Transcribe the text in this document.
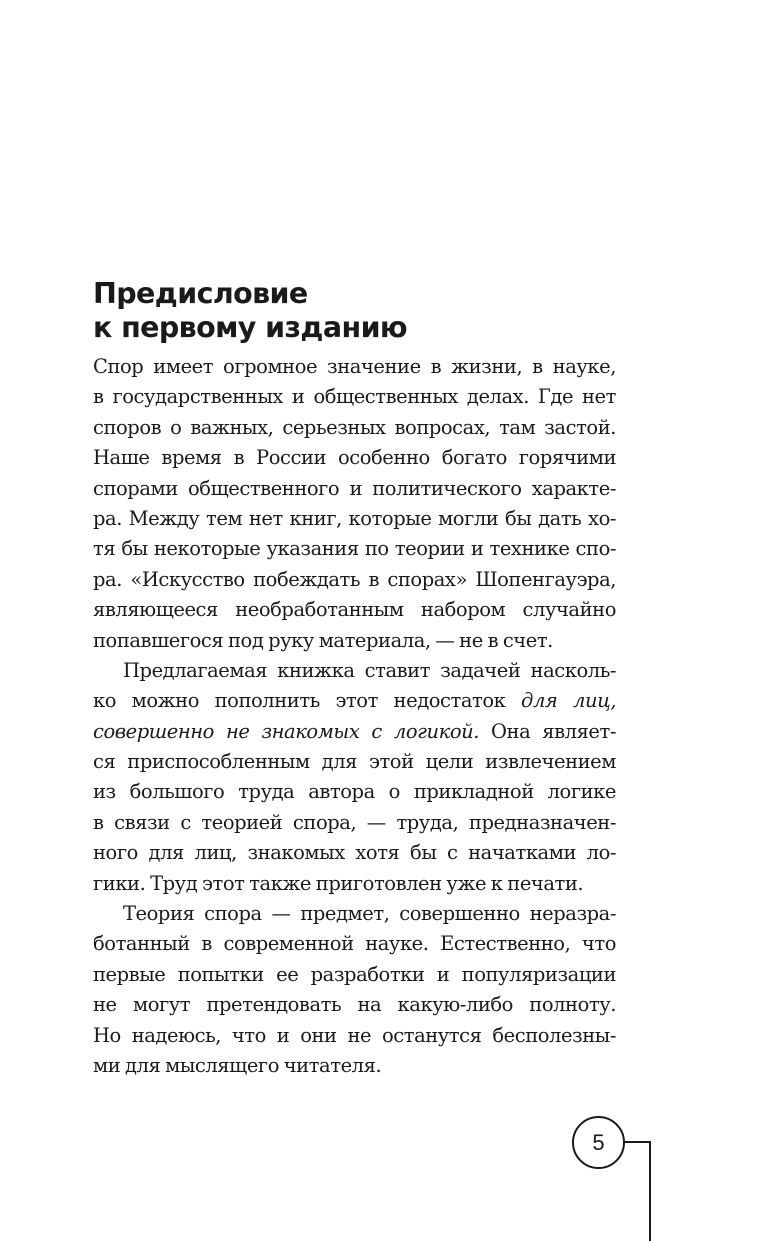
Предисловие
к первому изданию
Спор имеет огромное значение в жизни, в науке,
в государственных и общественных делах. Где нет
споров о важных, серьезных вопросах, там застой.
Наше время в России особенно богато горячими
спорами общественного и политического характе-
ра. Между тем нет книг, которые могли бы дать хо-
тя бы некоторые указания по теории и технике спо-
ра. «Искусство побеждать в спорах» Шопенгауэра,
являющееся необработанным набором случайно
попавшегося под руку материала, — не в счет.
Предлагаемая книжка ставит задачей насколь-
ко можно пополнить этот недостаток для лиц,
совершенно не знакомых с логикой. Она являет-
ся приспособленным для этой цели извлечением
из большого труда автора о прикладной логике
в связи с теорией спора, — труда, предназначен-
ного для лиц, знакомых хотя бы с начатками ло-
гики. Труд этот также приготовлен уже к печати.
Теория спора — предмет, совершенно неразра-
ботанный в современной науке. Естественно, что
первые попытки ее разработки и популяризации
не могут претендовать на какую-либо полноту.
Но надеюсь, что и они не останутся бесполезны-
ми для мыслящего читателя.
5
